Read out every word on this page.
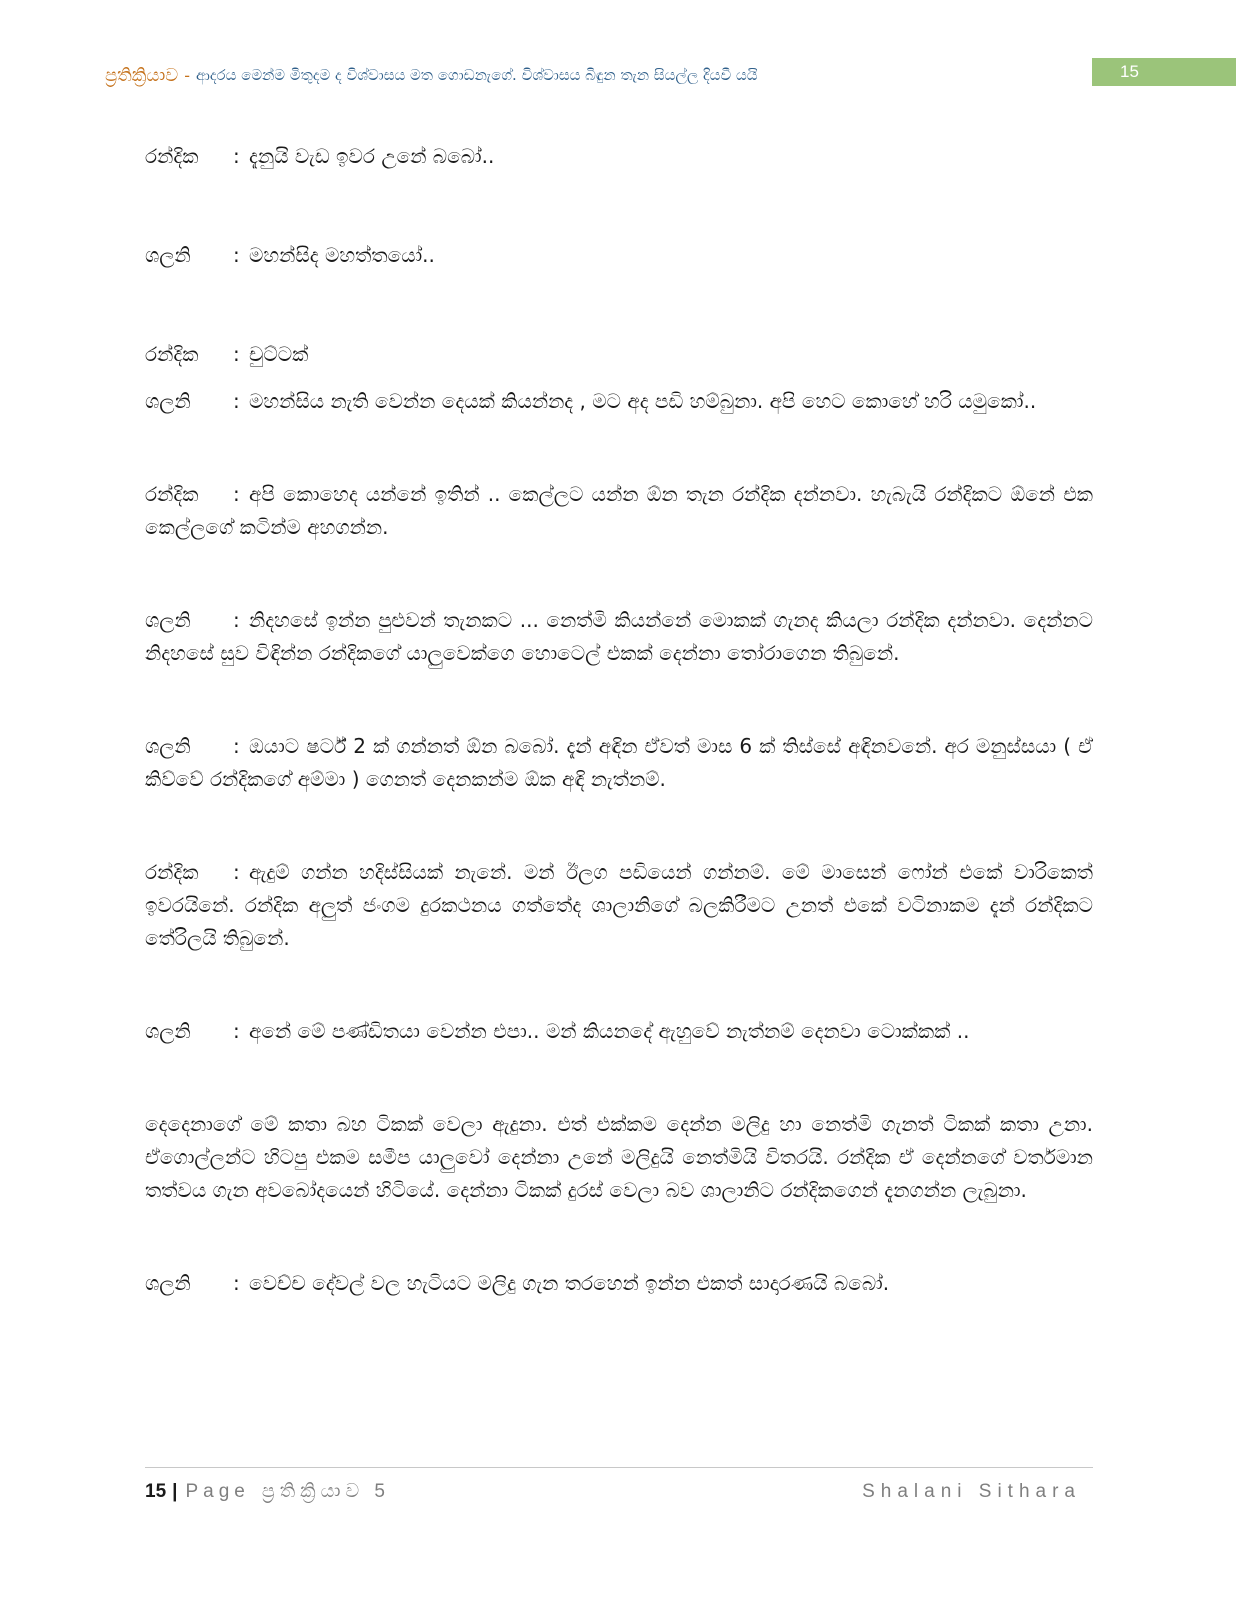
ප්‍රතික්‍රියාව - ආදරය මෙන්ම මිතුදම ද විශ්වාසය මත ගොඩනැගේ. විශ්වාසය බිඳුන තැන සියල්ල දියවී යයි	15

රන්දික : දැනුයි වැඩ ඉවර උනේ බබෝ..

ශලනි : මහන්සිද මහත්තයෝ..

රන්දික : චුට්ටක්

ශලනි : මහන්සිය නැති වෙන්න දෙයක් කියන්නද , මට අද පඩි හම්බුනා. අපි හෙට කොහේ හරි යමුකෝ..

රන්දික : අපි කොහෙද යන්නේ ඉතින් .. කෙල්ලට යන්න ඕන තැන රන්දික දන්නවා. හැබැයි රන්දිකට ඕනේ එක කෙල්ලගේ කටින්ම අහගන්න.

ශලනි : නිදහසේ ඉන්න පුළුවන් තැනකට ... නෙත්මි කියන්නේ මොකක් ගැනද කියලා රන්දික දන්නවා. දෙන්නට නිදහසේ සුව විඳින්න රන්දිකගේ යාලුවෙක්ගෙ හොටෙල් එකක් දෙන්නා තෝරාගෙන තිබුනේ.

ශලනි : ඔයාට ෂර්ට් 2 ක් ගන්නත් ඕන බබෝ. දැන් අඳින ඒවත් මාස 6 ක් තිස්සේ අඳිනවනේ. අර මනුස්සයා ( ඒ කිව්වේ රන්දිකගේ අම්මා ) ගෙනත් දෙනකන්ම ඕක අඳි නැත්නම්.

රන්දික : ඇදුම් ගන්න හදිස්සියක් නැනේ. මන් ඊලග පඩියෙන් ගන්නම්. මේ මාසෙන් ෆෝන් එකේ වාරිකෙත් ඉවරයිනේ. රන්දික අලුත් ජංගම දුරකථනය ගත්තේද ශාලානිගේ බලකිරීමට උනත් එකේ වටිනාකම දැන් රන්දිකට තේරිලයි තිබුනේ.

ශලනි : අනේ මේ පණ්ඩිතයා වෙන්න එපා.. මන් කියනදේ ඇහුවේ නැත්නම් දෙනවා ටොක්කක් ..

දෙදෙනාගේ මේ කතා බහ ටිකක් වෙලා ඇදුනා. එත් එක්කම දෙන්න මලිදු හා නෙත්මි ගැනත් ටිකක් කතා උනා. ඒගොල්ලන්ට හිටපු එකම සමීප යාලුවෝ දෙන්නා උනේ මලිදුයි නෙත්මියි විතරයි. රන්දික ඒ දෙන්නගේ වර්තමාන තත්වය ගැන අවබෝදයෙන් හිටියේ. දෙන්නා ටිකක් දුරස් වෙලා බව ශාලානිට රන්දිකගෙන් දැනගන්න ලැබුනා.

ශලනි : වෙච්ච දේවල් වල හැටියට මලිදු ගැන තරහෙන් ඉන්න එකත් සාදාරණයි බබෝ.

15 | Page ප්‍රතික්‍රියාව 5	Shalani Sithara
